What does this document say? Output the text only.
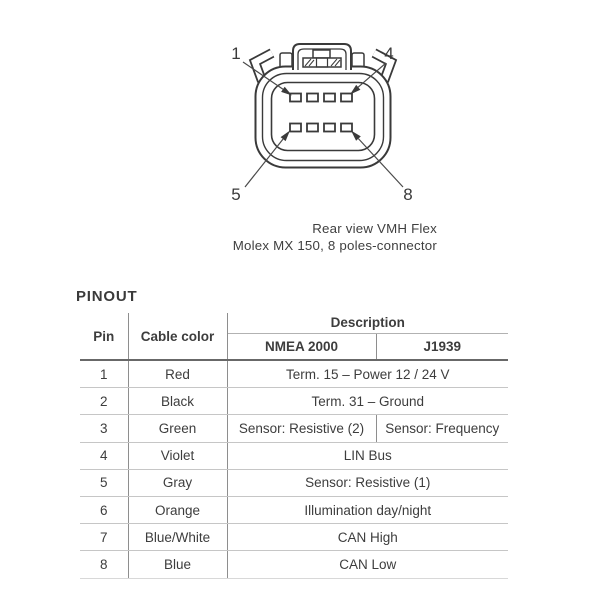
1	4
5	8
Rear view VMH Flex
Molex MX 150, 8 poles-connector
PINOUT
Pin	Cable color	Description	
		NMEA 2000	J1939
1	Red	Term. 15 – Power 12 / 24 V	
2	Black	Term. 31 – Ground	
3	Green	Sensor: Resistive (2)	Sensor: Frequency
4	Violet	LIN Bus	
5	Gray	Sensor: Resistive (1)	
6	Orange	Illumination day/night	
7	Blue/White	CAN High	
8	Blue	CAN Low	
